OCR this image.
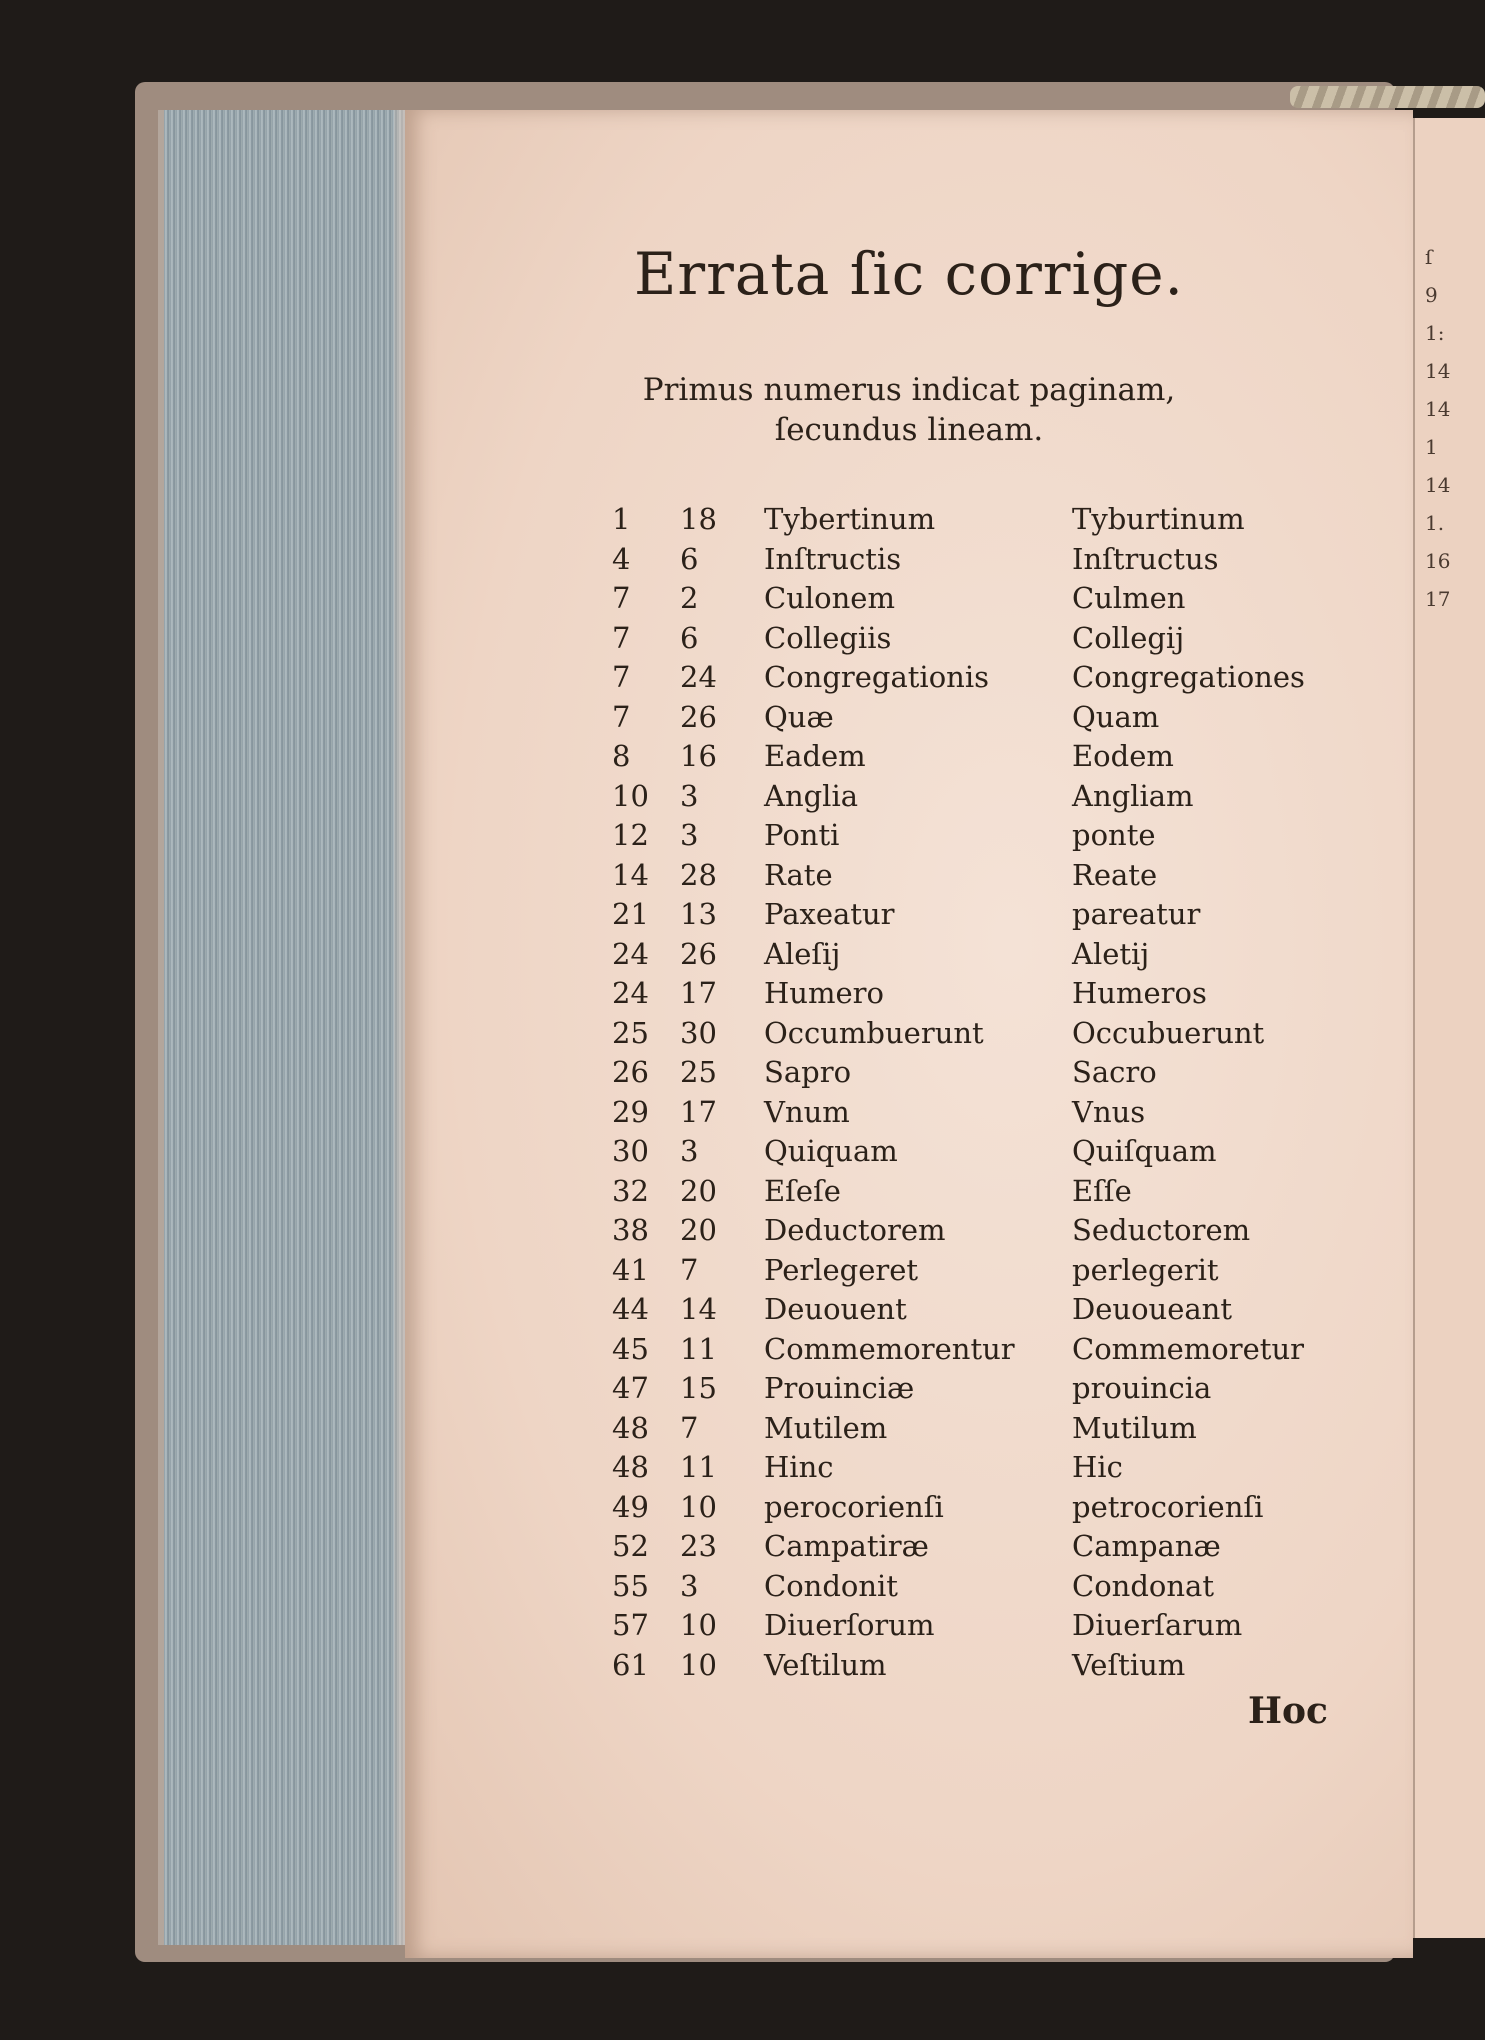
ſ
9
1:
14
14
1
14
1.
16
17
Errata ſic corrige.
Primus numerus indicat paginam,
ſecundus lineam.
1 18 Tybertinum	Tyburtinum
4 6 Inſtructis	Inſtructus
7 2 Culonem	Culmen
7 6 Collegiis	Collegij
7 24 Congregationis	Congregationes
7 26 Quæ	Quam
8 16 Eadem	Eodem
10 3 Anglia	Angliam
12 3 Ponti	ponte
14 28 Rate	Reate
21 13 Paxeatur	pareatur
24 26 Aleſij	Aletij
24 17 Humero	Humeros
25 30 Occumbuerunt	Occubuerunt
26 25 Sapro	Sacro
29 17 Vnum	Vnus
30 3 Quiquam	Quiſquam
32 20 Eſeſe	Eſſe
38 20 Deductorem	Seductorem
41 7 Perlegeret	perlegerit
44 14 Deuouent	Deuoueant
45 11 Commemorentur Commemoretur
47 15 Prouinciæ	prouincia
48 7 Mutilem	Mutilum
48 11 Hinc	Hic
49 10 perocorienſi	petrocorienſi
52 23 Campatiræ	Campanæ
55 3 Condonit	Condonat
57 10 Diuerſorum	Diuerſarum
61 10 Veſtilum	Veſtium
Hoc
